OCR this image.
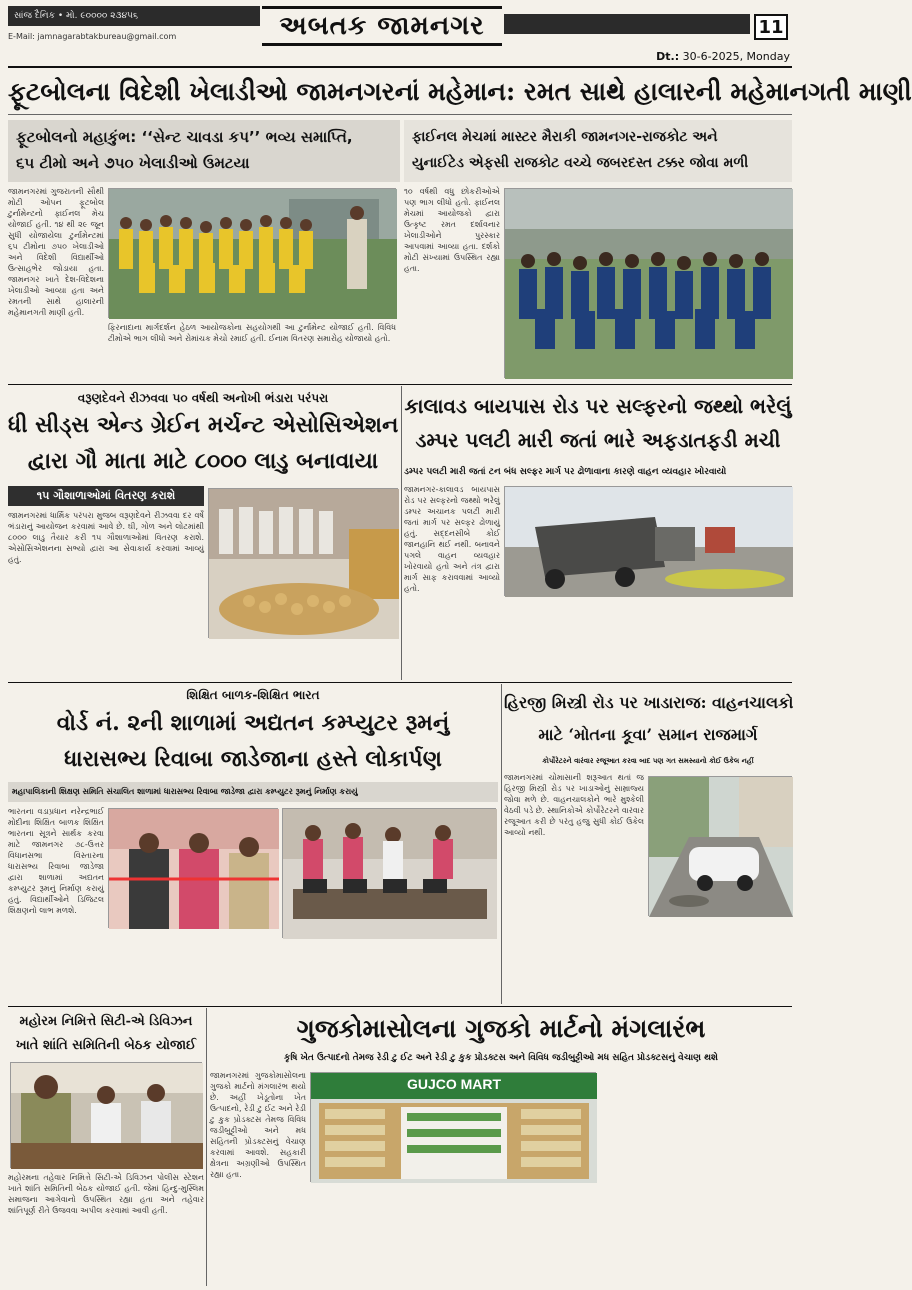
સાંજ દૈનિક • મો. ૯૦૦૦૦ ૨૩૪૫૬
E-Mail: jamnagarabtakbureau@gmail.com	અબતક જામનગર	11
Dt.: 30-6-2025, Monday
ફૂટબોલના વિદેશી ખેલાડીઓ જામનગરનાં મહેમાન: રમત સાથે હાલારની મહેમાનગતી માણી
ફૂટબોલનો મહાકુંભ: ‘‘સેન્ટ ચાવડા કપ’’ ભવ્ય સમાપ્તિ,
૬૫ ટીમો અને ૭૫૦ ખેલાડીઓ ઉમટયા
ફાઈનલ મેચમાં માસ્ટર મૈરાકી જામનગર-રાજકોટ અને
યુનાઈટેડ એફસી રાજકોટ વચ્ચે જબરદસ્ત ટક્કર જોવા મળી
જામનગરમાં ગુજરાતની સૌથી મોટી ઓપન ફૂટબોલ ટુર્નામેન્ટનો ફાઈનલ મેચ યોજાઈ હતી. ૧૪ થી ૨૯ જૂન સુધી યોજાયેલા ટુર્નામેન્ટમાં ૬૫ ટીમોના ૭૫૦ ખેલાડીઓ અને વિદેશી વિદ્યાર્થીઓ ઉત્સાહભેર જોડાયા હતા. જામનગર ખાતે દેશ-વિદેશના ખેલાડીઓ આવ્યા હતા અને રમતની સાથે હાલારની મહેમાનગતી માણી હતી.
ફિરનાદાના માર્ગદર્શન હેઠળ આયોજકોના સહયોગથી આ ટુર્નામેન્ટ યોજાઈ હતી. વિવિધ ટીમોએ ભાગ લીધો અને રોમાંચક મેચો રમાઈ હતી. ઈનામ વિતરણ સમારોહ યોજાયો હતો.
૧૦ વર્ષથી વધુ છોકરીઓએ પણ ભાગ લીધો હતો. ફાઈનલ મેચમાં આયોજકો દ્વારા ઉત્કૃષ્ટ રમત દર્શાવનાર ખેલાડીઓને પુરસ્કાર આપવામાં આવ્યા હતા. દર્શકો મોટી સંખ્યામાં ઉપસ્થિત રહ્યા હતા.
વરૂણદેવને રીઝવવા ૫૦ વર્ષથી અનોખી ભંડારા પરંપરા
ધી સીડ્સ એન્ડ ગ્રેઈન મર્ચન્ટ એસોસિએશન
દ્વારા ગૌ માતા માટે ૮૦૦૦ લાડુ બનાવાયા
૧૫ ગૌશાળાઓમાં વિતરણ કરાશે
જામનગરમાં ધાર્મિક પરંપરા મુજબ વરૂણદેવને રીઝવવા દર વર્ષે ભંડારાનું આયોજન કરવામાં આવે છે. ઘી, ગોળ અને લોટમાંથી ૮૦૦૦ લાડુ તૈયાર કરી ૧૫ ગૌશાળાઓમાં વિતરણ કરાશે. એસોસિએશનના સભ્યો દ્વારા આ સેવાકાર્ય કરવામાં આવ્યું હતું.
કાલાવડ બાયપાસ રોડ પર સલ્ફરનો જથ્થો ભરેલું
ડમ્પર પલટી મારી જતાં ભારે અફડાતફડી મચી
ડમ્પર પલટી મારી જતાં ટન બંધ સલ્ફર માર્ગ પર ઢોળાવાના કારણે વાહન વ્યવહાર ખોરવાયો
જામનગર-કાલાવડ બાયપાસ રોડ પર સલ્ફરનો જથ્થો ભરેલું ડમ્પર અચાનક પલટી મારી જતાં માર્ગ પર સલ્ફર ઢોળાયું હતું. સદ્દનસીબે કોઈ જાનહાનિ થઈ નથી. બનાવને પગલે વાહન વ્યવહાર ખોરવાયો હતો અને તંત્ર દ્વારા માર્ગ સાફ કરાવવામાં આવ્યો હતો.
શિક્ષિત બાળક-શિક્ષિત ભારત
વોર્ડ નં. ૨ની શાળામાં અદ્યતન કમ્પ્યુટર રૂમનું
ધારાસભ્ય રિવાબા જાડેજાના હસ્તે લોકાર્પણ
મહાપાલિકાની શિક્ષણ સમિતિ સંચાલિત શાળામાં ધારાસભ્ય રિવાબા જાડેજા દ્વારા કમ્પ્યુટર રૂમનું નિર્માણ કરાયું
ભારતના વડાપ્રધાન નરેન્દ્રભાઈ મોદીના શિક્ષિત બાળક શિક્ષિત ભારતના સૂત્રને સાર્થક કરવા માટે જામનગર ૭૮-ઉત્તર વિધાનસભા વિસ્તારના ધારાસભ્ય રિવાબા જાડેજા દ્વારા શાળામાં અદ્યતન કમ્પ્યુટર રૂમનું નિર્માણ કરાયું હતું. વિદ્યાર્થીઓને ડિજિટલ શિક્ષણનો લાભ મળશે.
હિરજી મિસ્ત્રી રોડ પર ખાડારાજ: વાહનચાલકો
માટે ‘મોતના કૂવા’ સમાન રાજમાર્ગ
કોર્પોરેટરને વારંવાર રજૂઆત કરવા બાદ પણ ગત સમસ્યાનો કોઈ ઉકેલ નહીં
જામનગરમાં ચોમાસાની શરૂઆત થતાં જ હિરજી મિસ્ત્રી રોડ પર ખાડાઓનું સામ્રાજ્ય જોવા મળે છે. વાહનચાલકોને ભારે મુશ્કેલી વેઠવી પડે છે. સ્થાનિકોએ કોર્પોરેટરને વારંવાર રજૂઆત કરી છે પરંતુ હજુ સુધી કોઈ ઉકેલ આવ્યો નથી.
મહોરમ નિમિત્તે સિટી-એ ડિવિઝન
ખાતે શાંતિ સમિતિની બેઠક યોજાઈ
મહોરમના તહેવાર નિમિત્તે સિટી-એ ડિવિઝન પોલીસ સ્ટેશન ખાતે શાંતિ સમિતિની બેઠક યોજાઈ હતી. જેમાં હિન્દુ-મુસ્લિમ સમાજના આગેવાનો ઉપસ્થિત રહ્યા હતા અને તહેવાર શાંતિપૂર્ણ રીતે ઉજવવા અપીલ કરવામાં આવી હતી.
ગુજકોમાસોલના ગુજકો માર્ટનો મંગલારંભ
કૃષિ ખેત ઉત્પાદનો તેમજ રેડી ટુ ઈટ અને રેડી ટુ કુક પ્રોડક્ટસ અને વિવિધ જડીબુટ્ટીઓ મધ સહિત પ્રોડક્ટસનું વેચાણ થશે
જામનગરમાં ગુજકોમાસોલના ગુજકો માર્ટનો મંગલારંભ થયો છે. અહીં ખેડૂતોના ખેત ઉત્પાદનો, રેડી ટુ ઈટ અને રેડી ટુ કુક પ્રોડક્ટસ તેમજ વિવિધ જડીબુટ્ટીઓ અને મધ સહિતની પ્રોડક્ટસનું વેચાણ કરવામાં આવશે. સહકારી ક્ષેત્રના અગ્રણીઓ ઉપસ્થિત રહ્યા હતા.
GUJCO MART
